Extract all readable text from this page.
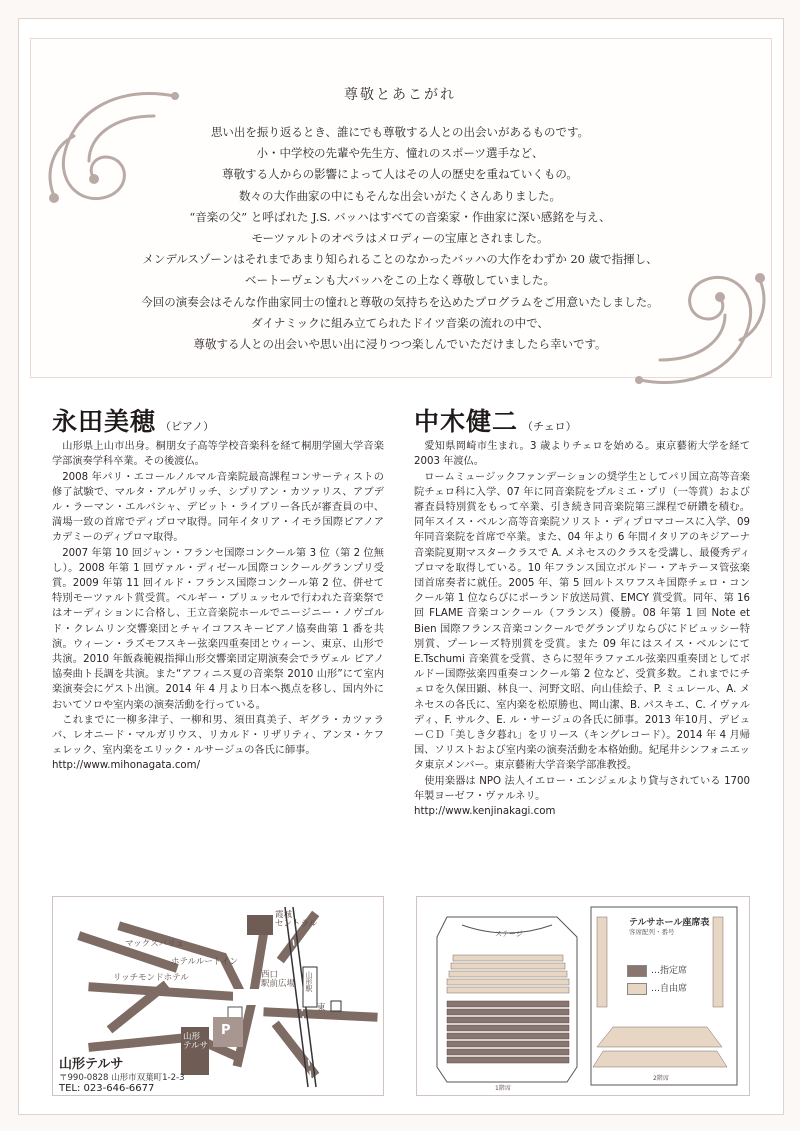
尊敬とあこがれ
思い出を振り返るとき、誰にでも尊敬する人との出会いがあるものです。
小・中学校の先輩や先生方、憧れのスポーツ選手など、
尊敬する人からの影響によって人はその人の歴史を重ねていくもの。
数々の大作曲家の中にもそんな出会いがたくさんありました。
“音楽の父” と呼ばれた J.S. バッハはすべての音楽家・作曲家に深い感銘を与え、
モーツァルトのオペラはメロディーの宝庫とされました。
メンデルスゾーンはそれまであまり知られることのなかったバッハの大作をわずか 20 歳で指揮し、
ベートーヴェンも大バッハをこの上なく尊敬していました。
今回の演奏会はそんな作曲家同士の憧れと尊敬の気持ちを込めたプログラムをご用意いたしました。
ダイナミックに組み立てられたドイツ音楽の流れの中で、
尊敬する人との出会いや思い出に浸りつつ楽しんでいただけましたら幸いです。
永田美穂 （ピアノ）

山形県上山市出身。桐朋女子高等学校音楽科を経て桐朋学園大学音楽学部演奏学科卒業。その後渡仏。

2008 年パリ・エコールノルマル音楽院最高課程コンサーティストの修了試験で、マルタ・アルゲリッチ、シプリアン・カツァリス、アブデル・ラーマン・エルバシャ、デビット・ライブリー各氏が審査員の中、満場一致の首席でディプロマ取得。同年イタリア・イモラ国際ピアノアカデミーのディプロマ取得。

2007 年第 10 回ジャン・フランセ国際コンクール第 3 位（第 2 位無し）。2008 年第 1 回ヴァル・ディゼール国際コンクールグランプリ受賞。2009 年第 11 回イルド・フランス国際コンクール第 2 位、併せて特別モーツァルト賞受賞。ベルギー・ブリュッセルで行われた音楽祭ではオーディションに合格し、王立音楽院ホールでニージニー・ノヴゴルド・クレムリン交響楽団とチャイコフスキーピアノ協奏曲第 1 番を共演。ウィーン・ラズモフスキー弦楽四重奏団とウィーン、東京、山形で共演。2010 年飯森範親指揮山形交響楽団定期演奏会でラヴェル ピアノ協奏曲ト長調を共演。また“アフィニス夏の音楽祭 2010 山形”にて室内楽演奏会にゲスト出演。2014 年 4 月より日本へ拠点を移し、国内外においてソロや室内楽の演奏活動を行っている。

これまでに一柳多津子、一柳和男、須田真美子、ギグラ・カツァラバ、レオニード・マルガリウス、リカルド・リザリティ、アンヌ・ケフェレック、室内楽をエリック・ルサージュの各氏に師事。

http://www.mihonagata.com/

中木健二 （チェロ）

愛知県岡崎市生まれ。3 歳よりチェロを始める。東京藝術大学を経て 2003 年渡仏。

ロームミュージックファンデーションの奨学生としてパリ国立高等音楽院チェロ科に入学、07 年に同音楽院をプルミエ・プリ（一等賞）および審査員特別賞をもって卒業、引き続き同音楽院第三課程で研鑽を積む。同年スイス・ベルン高等音楽院ソリスト・ディプロマコースに入学、09 年同音楽院を首席で卒業。また、04 年より 6 年間イタリアのキジアーナ音楽院夏期マスタークラスで A. メネセスのクラスを受講し、最優秀ディプロマを取得している。10 年フランス国立ボルドー・アキテーヌ管弦楽団首席奏者に就任。2005 年、第 5 回ルトスワフスキ国際チェロ・コンクール第 1 位ならびにポーランド放送局賞、EMCY 賞受賞。同年、第 16 回 FLAME 音楽コンクール（フランス）優勝。08 年第 1 回 Note et Bien 国際フランス音楽コンクールでグランプリならびにドビュッシー特別賞、プーレーズ特別賞を受賞。また 09 年にはスイス・ベルンにて E.Tschumi 音楽賞を受賞、さらに翌年ラファエル弦楽四重奏団としてボルドー国際弦楽四重奏コンクール第 2 位など、受賞多数。これまでにチェロを久保田顕、林良一、河野文昭、向山佳絵子、P. ミュレール、A. メネセスの各氏に、室内楽を松原勝也、岡山潔、B. パスキエ、C. イヴァルディ、F. サルク、E. ル・サージュの各氏に師事。2013 年10月、デビューＣＤ「美しき夕暮れ」をリリース（キングレコード）。2014 年 4 月帰国、ソリストおよび室内楽の演奏活動を本格始動。紀尾井シンフォニエッタ東京メンバー。東京藝術大学音楽学部准教授。

使用楽器は NPO 法人イエロー・エンジェルより貸与されている 1700 年製ヨーゼフ・ヴァルネリ。

http://www.kenjinakagi.com

霞城
セントラル
マックスバリュ
ホテルルートイン
リッチモンドホテル	西口
駅前広場
東
山形駅
山形
テルサ
P
山形テルサ
〒990-0828 山形市双葉町1-2-3
TEL: 023-646-6677
ステージ
テルサホール座席表
客席配列・番号
…指定席
…自由席
1階席
2階席
